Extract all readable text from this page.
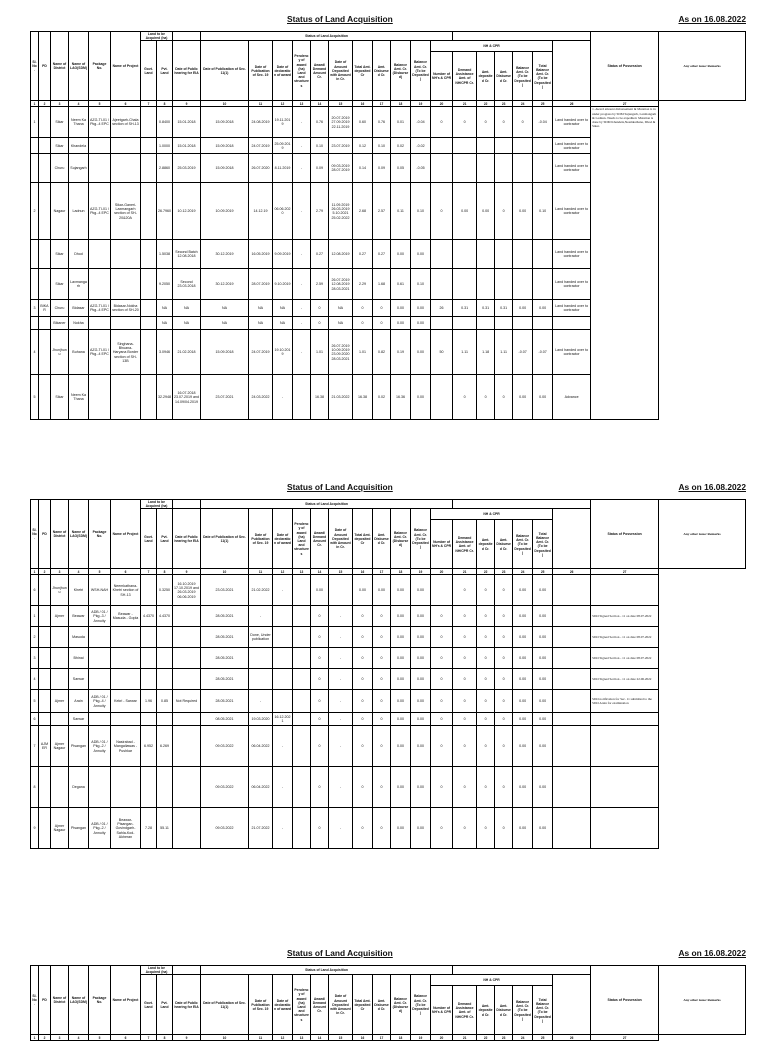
Status of Land Acquisition	As on 16.08.2022
Sl. No.	PD	Name of District	Name of LAO(SDM)	Package No.	Name of Project	Land to be Acquired (ha)			Status of Land Acquisition																	Status of Possession	Any other issue/ Remarks
						Govt. Land	Pvt. Land	Date of Public hearing for EIA	Date of Publication of Sec. 11(1)	Date of Publication of Sec. 19	Date of declaration of award	Pendency of award (ha) Land and structures	Award/ Demand Amount Cr.	Date of Amount Deposited with Amount in Cr.	Total Amt. deposited Cr	Amt. Disbursed Cr.	Balance Amt. Cr. (Disbursed)	Balance Amt. Cr.(To be Deposited)	NH & CPR								
																			Number of NH's & CPR	Demand Assistance Amt. of NH/CPR Cr.	Amt. deposited Cr.	Amt. Disbursed Cr.	Balance Amt. Cr. (To be Deposited)	Total Balance Amt. Cr. (To be Deposited)			
1	2	3	4	5	6	7	8	9	10	11	12	13	14	15	16	17	18	19	20	21	22	23	24	25	26	27	
1		Sikar	Neem Ka Thana	AZG-TI-01 / Pkg.-4 EPC	Ajeetgarh-Chala section of SH-13		0.8400	15.01.2018	15.09.2018	24.08.2019	19.11.2019	-	0.76	20.07.2019 27.09.2019 22.11.2019	0.60	0.76	0.01	-0.04	0	0	0	0	0	-0.04	Land handed over to contractor	1. Award amount disbursement & Mutation is in under progress by SDM Sujangarh, Laxmangarh & Ladnun. Needs to be expedited. Mutation is done by SDM Khandela,Neemkathana, Dhod & Sikar.	
		Sikar	Khandela				1.0000	15.01.2018	15.09.2018	24.07.2019	25.09.2019	-	0.10	23.07.2019	0.12	0.10	0.02	-0.02							Land handed over to contractor		
		Churu	Sujangarh				2.8860	25.03.2019	15.09.2018	26.07.2020	8.11.2019	-	0.09	09.03.2019 28.07.2019	0.14	0.09	0.05	-0.05							Land handed over to contractor		
2		Nagaur	Ladnun	AZG-TI-01 / Pkg.-4 EPC	Sikar-Ganeri-Laxmangarh section of SH-20&20A		26.7960	10.12.2019	10.09.2019	14.12.19	06.06.2020	-	2.79	11.09.2019 26.03.2019 5.10.2021 25.02.2022	2.68	2.57	0.11	0.10	0	0.00	0.00	0	0.00	0.10	Land handed over to contractor		
		Sikar	Dhod				1.5038	Second Batch 12.08.2018	30.12.2019	16.05.2019	9.09.2019	-	0.27	12.08.2019	0.27	0.27	0.00	0.00							Land handed over to contractor		
		Sikar	Laxmangarh				9.2050	Second 23.03.2018	30.12.2019	28.07.2019	9.10.2019	-	2.59	26.07.2019 12.08.2019 28.03.2021	2.29	1.68	0.61	0.10							Land handed over to contractor		
3	BIKAR	Churu	Bidasar	AZG-TI-01 / Pkg.-4 EPC	Bidasar-Nokha section of SH-20		NA	NA	NA	NA	NA	-	0	NA	0	0	0.00	0.00	26	0.31	0.31	0.31	0.00	0.00	Land handed over to contractor		
		Bikaner	Nokha				NA	NA	NA	NA	NA	-	0	NA	0	0	0.00	0.00									
4		Jhunjhunu	Buhana	AZG-TI-01 / Pkg.-4 EPC	Singhana-Bhuana-Haryana Border section of SH-13B		3.0946	21.02.2018	15.09.2018	24.07.2019	19.10.2019	-	1.01	26.07.2019 10.09.2019 23.09.2020 28.03.2021	1.01	0.82	0.19	0.00	50	1.11	1.18	1.11	-0.07	-0.07	Land handed over to contractor		
5		Sikar	Neem Ka Thana				32.2948	16.07.2018 23.07.2019 and 14.09/04.2019	23.07.2021	24.03.2022	-		16.38	21.03.2022	16.38	0.02	16.36	0.00		0	0	0	0.00	0.00	Advance		
Status of Land Acquisition	As on 16.08.2022
Sl. No.	PD	Name of District	Name of LAO(SDM)	Package No.	Name of Project	Land to be Acquired (ha)			Status of Land Acquisition																	Status of Possession	Any other issue/ Remarks
						Govt. Land	Pvt. Land	Date of Public hearing for EIA	Date of Publication of Sec. 11(1)	Date of Publication of Sec. 19	Date of declaration of award	Pendency of award (ha) Land and structures	Award/ Demand Amount Cr.	Date of Amount Deposited with Amount in Cr.	Total Amt. deposited Cr	Amt. Disbursed Cr.	Balance Amt. Cr. (Disbursed)	Balance Amt. Cr.(To be Deposited)	NH & CPR								
																			Number of NH's & CPR	Demand Assistance Amt. of NH/CPR Cr.	Amt. deposited Cr.	Amt. Disbursed Cr.	Balance Amt. Cr. (To be Deposited)	Total Balance Amt. Cr. (To be Deposited)			
1	2	3	4	5	6	7	8	9	10	11	12	13	14	15	16	17	18	19	20	21	22	23	24	25	26	27	
6		Jhunjhunu	Khetri	WSH-NAH	Neemkathana-Khetri section of SH-13		0.3250	16.10.2019 17.10.2019 and 26.03.2019 06.06.2019	23.03.2021	21.02.2022	-		0.00		0.00	0.00	0.00	0.00		0	0	0	0.00	0.00			
1		Ajmer	Beawar	ADB / 01 / Pkg.-3 / Annuity	Beawar - Masuda - Gopla	4.4370	4.4370		28.05.2021	-			0	-	0	0	0.00	0.00	0	0	0	0	0.00	0.00		SDO Signed Section - 11 on date 08.07.2022	
2			Masuda						28.05.2021	Done, Under publication			0	-	0	0	0.00	0.00	0	0	0	0	0.00	0.00		SDO Signed Section - 11 on date 08.07.2022	
3			Bhinai						28.05.2021				0	-	0	0	0.00	0.00	0	0	0	0	0.00	0.00		SDO Signed Section - 11 on date 08.07.2022	
4			Sarwar						28.05.2021				0	-	0	0	0.00	0.00	0	0	0	0	0.00	0.00		SDO Signed Section - 11 on date 22.06.2022	
5		Ajmer	Arain	ADB / 01 / Pkg.-4 / Annuity	Kekri - Sarwar	1.96	0.85	Not Required	28.05.2021	-			0	-	0	0	0.00	0.00	0	0	0	0	0.00	0.00		SDO notification for Sec. 11 submitted to the SDO Arain for examination	
6			Sarwar						08.05.2021	19.03.2020	16.12.2021		0	-	0	0	0.00	0.00	0	0	0	0	0.00	0.00			
7	AJMER	Ajmer Nagaur	Pisangan	ADB / 01 / Pkg.-2 / Annuity	Nasirabad - Mangaliawas - Pushkar	6.952	6.269		09.03.2022	06.04.2022	-		0	-	0	0	0.00	0.00	0	0	0	0	0.00	0.00			
8			Degana						09.03.2022	06.04.2022	-		0	-	0	0	0.00	0.00	0	0	0	0	0.00	0.00			
9		Ajmer Nagaur	Pisangan	ADB / 01 / Pkg.-2 / Annuity	Beawar-Pisangan-Govindgarh-Sahla-Kod-Akheran	7.28	55.11		09.03.2022	21.07.2022	-		0	-	0	0	0.00	0.00	0	0	0	0	0.00	0.00			
Status of Land Acquisition	As on 16.08.2022
Sl. No.	PD	Name of District	Name of LAO(SDM)	Package No.	Name of Project	Land to be Acquired (ha)			Status of Land Acquisition																	Status of Possession	Any other issue/ Remarks
						Govt. Land	Pvt. Land	Date of Public hearing for EIA	Date of Publication of Sec. 11(1)	Date of Publication of Sec. 19	Date of declaration of award	Pendency of award (ha) Land and structures	Award/ Demand Amount Cr.	Date of Amount Deposited with Amount in Cr.	Total Amt. deposited Cr	Amt. Disbursed Cr.	Balance Amt. Cr. (Disbursed)	Balance Amt. Cr.(To be Deposited)	NH & CPR								
																			Number of NH's & CPR	Demand Assistance Amt. of NH/CPR Cr.	Amt. deposited Cr.	Amt. Disbursed Cr.	Balance Amt. Cr. (To be Deposited)	Total Balance Amt. Cr. (To be Deposited)			
1	2	3	4	5	6	7	8	9	10	11	12	13	14	15	16	17	18	19	20	21	22	23	24	25	26	27	
